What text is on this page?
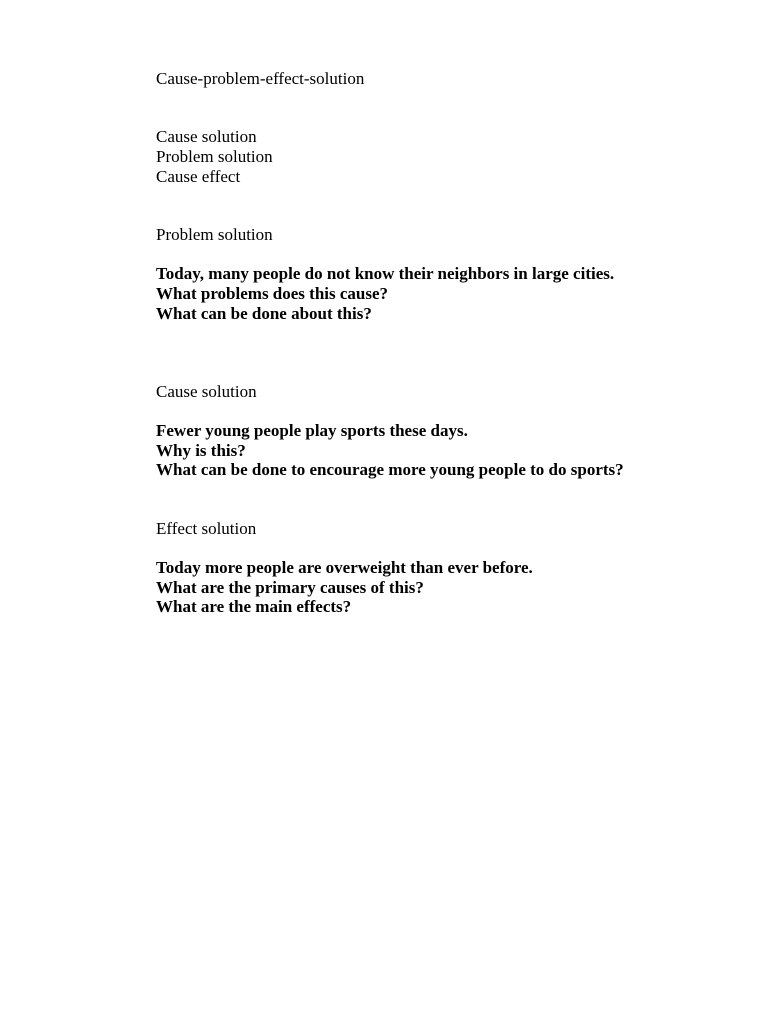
Cause-problem-effect-solution
Cause solution
Problem solution
Cause effect
Problem solution
Today, many people do not know their neighbors in large cities.
What problems does this cause?
What can be done about this?
Cause solution
Fewer young people play sports these days.
Why is this?
What can be done to encourage more young people to do sports?
Effect solution
Today more people are overweight than ever before.
What are the primary causes of this?
What are the main effects?
